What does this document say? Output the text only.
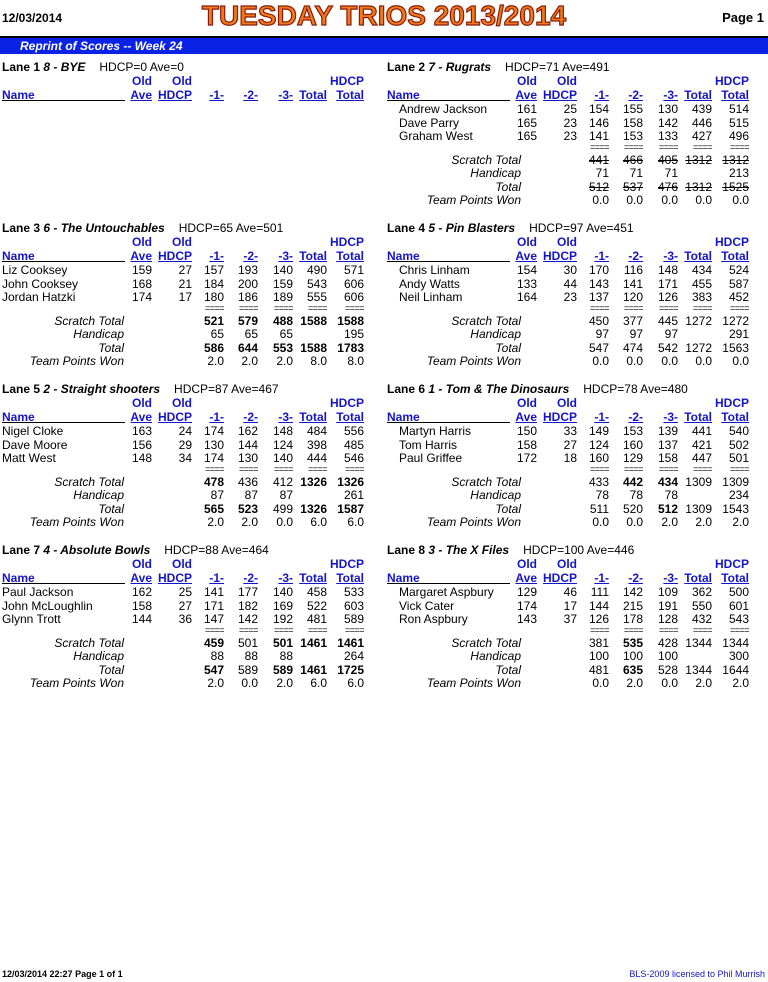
12/03/2014	TUESDAY TRIOS 2013/2014	Page 1
Reprint of Scores -- Week 24
Lane 1 8 - BYE HDCP=0 Ave=0
Old Old	HDCP
Name	Ave HDCP -1- -2- -3- Total Total
Lane 2 7 - Rugrats HDCP=71 Ave=491
Old Old	HDCP
Name	Ave HDCP -1- -2- -3- Total Total
Andrew Jackson 161 25 154 155 130 439 514
Dave Parry	165 23 146 158 142 446 515
Graham West	165 23 141 153 133 427 496
==== ==== ==== ==== ====
Scratch Total	441 466 405 1312 1312
Handicap	71 71 71	213
Total	512 537 476 1312 1525
Team Points Won	0.0 0.0 0.0 0.0 0.0
Lane 3 6 - The Untouchables HDCP=65 Ave=501
Old Old	HDCP
Name	Ave HDCP -1- -2- -3- Total Total
Liz Cooksey	159 27 157 193 140 490 571
John Cooksey	168 21 184 200 159 543 606
Jordan Hatzki	174 17 180 186 189 555 606
==== ==== ==== ==== ====
Scratch Total	521 579 488 1588 1588
Handicap	65 65 65	195
Total	586 644 553 1588 1783
Team Points Won	2.0 2.0 2.0 8.0 8.0
Lane 4 5 - Pin Blasters HDCP=97 Ave=451
Old Old	HDCP
Name	Ave HDCP -1- -2- -3- Total Total
Chris Linham	154 30 170 116 148 434 524
Andy Watts	133 44 143 141 171 455 587
Neil Linham	164 23 137 120 126 383 452
==== ==== ==== ==== ====
Scratch Total	450 377 445 1272 1272
Handicap	97 97 97	291
Total	547 474 542 1272 1563
Team Points Won	0.0 0.0 0.0 0.0 0.0
Lane 5 2 - Straight shooters HDCP=87 Ave=467
Old Old	HDCP
Name	Ave HDCP -1- -2- -3- Total Total
Nigel Cloke	163 24 174 162 148 484 556
Dave Moore	156 29 130 144 124 398 485
Matt West	148 34 174 130 140 444 546
==== ==== ==== ==== ====
Scratch Total	478 436 412 1326 1326
Handicap	87 87 87	261
Total	565 523 499 1326 1587
Team Points Won	2.0 2.0 0.0 6.0 6.0
Lane 6 1 - Tom & The Dinosaurs HDCP=78 Ave=480
Old Old	HDCP
Name	Ave HDCP -1- -2- -3- Total Total
Martyn Harris	150 33 149 153 139 441 540
Tom Harris	158 27 124 160 137 421 502
Paul Griffee	172 18 160 129 158 447 501
==== ==== ==== ==== ====
Scratch Total	433 442 434 1309 1309
Handicap	78 78 78	234
Total	511 520 512 1309 1543
Team Points Won	0.0 0.0 2.0 2.0 2.0
Lane 7 4 - Absolute Bowls HDCP=88 Ave=464
Old Old	HDCP
Name	Ave HDCP -1- -2- -3- Total Total
Paul Jackson	162 25 141 177 140 458 533
John McLoughlin	158 27 171 182 169 522 603
Glynn Trott	144 36 147 142 192 481 589
==== ==== ==== ==== ====
Scratch Total	459 501 501 1461 1461
Handicap	88 88 88	264
Total	547 589 589 1461 1725
Team Points Won	2.0 0.0 2.0 6.0 6.0
Lane 8 3 - The X Files HDCP=100 Ave=446
Old Old	HDCP
Name	Ave HDCP -1- -2- -3- Total Total
Margaret Aspbury 129 46 111 142 109 362 500
Vick Cater	174 17 144 215 191 550 601
Ron Aspbury	143 37 126 178 128 432 543
==== ==== ==== ==== ====
Scratch Total	381 535 428 1344 1344
Handicap	100 100 100	300
Total	481 635 528 1344 1644
Team Points Won	0.0 2.0 0.0 2.0 2.0
12/03/2014 22:27 Page 1 of 1	BLS-2009 licensed to Phil Murrish
